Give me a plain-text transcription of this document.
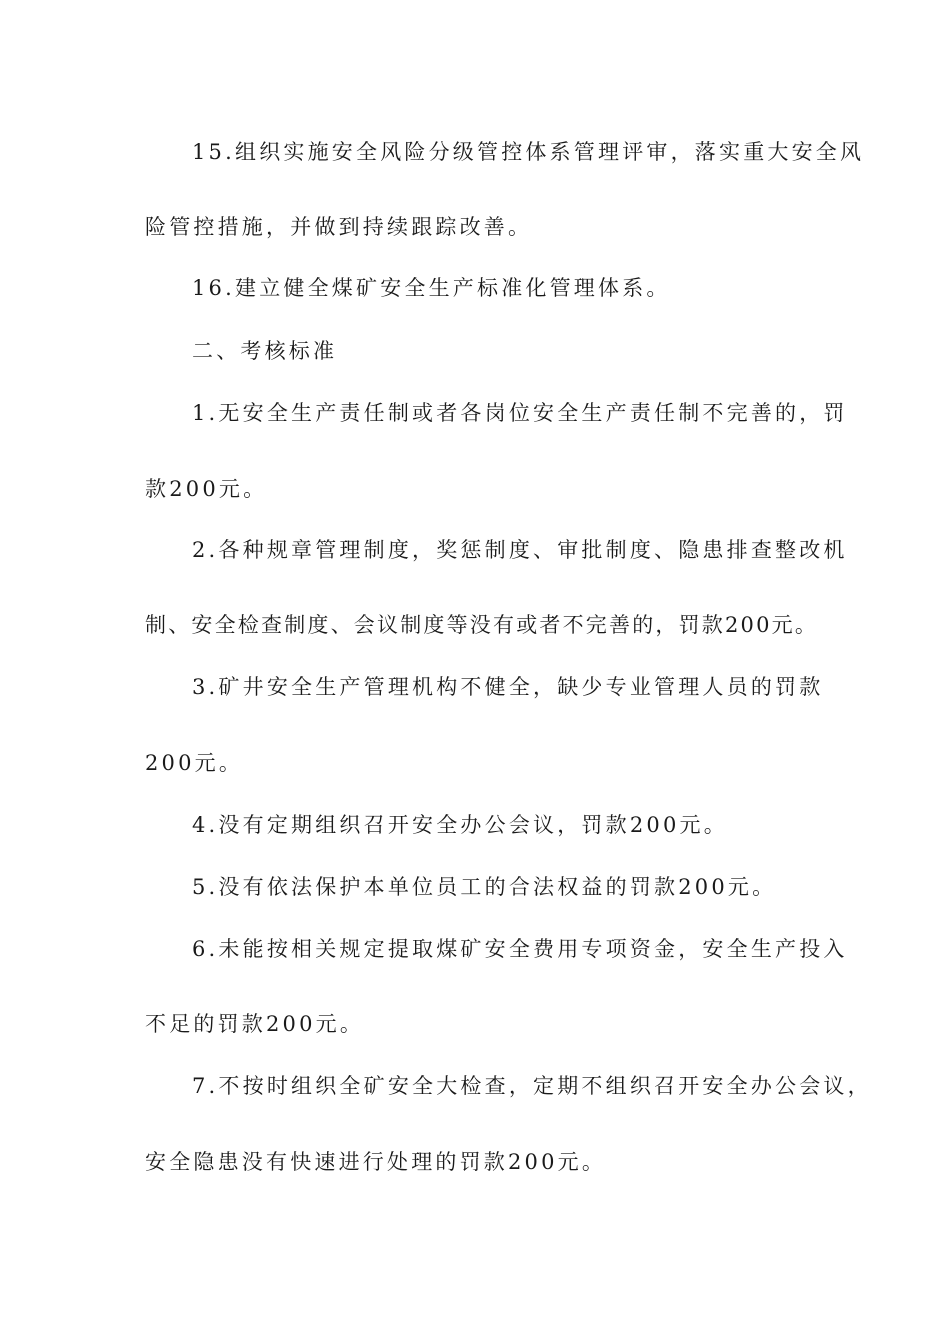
15.组织实施安全风险分级管控体系管理评审，落实重大安全风
险管控措施，并做到持续跟踪改善。
16.建立健全煤矿安全生产标准化管理体系。
二、考核标准
1.无安全生产责任制或者各岗位安全生产责任制不完善的，罚
款200元。
2.各种规章管理制度，奖惩制度、审批制度、隐患排查整改机
制、安全检查制度、会议制度等没有或者不完善的，罚款200元。
3.矿井安全生产管理机构不健全，缺少专业管理人员的罚款
200元。
4.没有定期组织召开安全办公会议，罚款200元。
5.没有依法保护本单位员工的合法权益的罚款200元。
6.未能按相关规定提取煤矿安全费用专项资金，安全生产投入
不足的罚款200元。
7.不按时组织全矿安全大检查，定期不组织召开安全办公会议，
安全隐患没有快速进行处理的罚款200元。
